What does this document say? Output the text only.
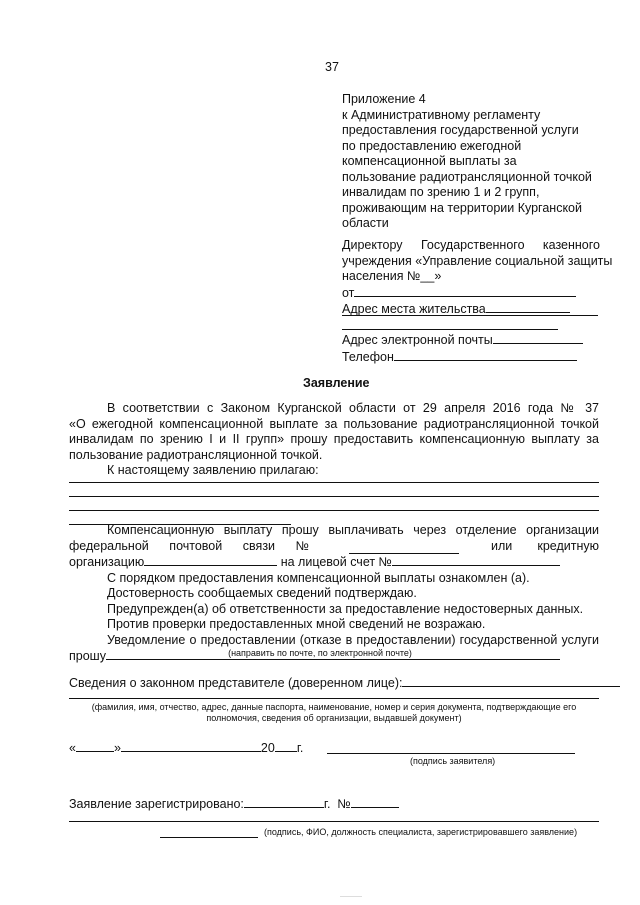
37
Приложение 4
к Административному регламенту
предоставления государственной услуги
по предоставлению ежегодной
компенсационной выплаты за
пользование радиотрансляционной точкой
инвалидам по зрению 1 и 2 групп,
проживающим на территории Курганской
области
Директору Государственного казенного
учреждения «Управление социальной защиты
населения №__»
от
Адрес места жительства
Адрес электронной почты
Телефон
Заявление
В соответствии с Законом Курганской области от 29 апреля 2016 года № 37
«О ежегодной компенсационной выплате за пользование радиотрансляционной точкой
инвалидам по зрению I и II групп» прошу предоставить компенсационную выплату за
пользование радиотрансляционной точкой.
К настоящему заявлению прилагаю:
Компенсационную выплату прошу выплачивать через отделение организации
федеральной почтовой связи №	или кредитную
организацию	на лицевой счет №
С порядком предоставления компенсационной выплаты ознакомлен (а).
Достоверность сообщаемых сведений подтверждаю.
Предупрежден(а) об ответственности за предоставление недостоверных данных.
Против проверки предоставленных мной сведений не возражаю.
Уведомление о предоставлении (отказе в предоставлении) государственной услуги
прошу	(направить по почте, по электронной почте)
Сведения о законном представителе (доверенном лице):
(фамилия, имя, отчество, адрес, данные паспорта, наименование, номер и серия документа, подтверждающие его
полномочия, сведения об организации, выдавшей документ)
«	»	20 г.
(подпись заявителя)
Заявление зарегистрировано:	г. №
(подпись, ФИО, должность специалиста, зарегистрировавшего заявление)
